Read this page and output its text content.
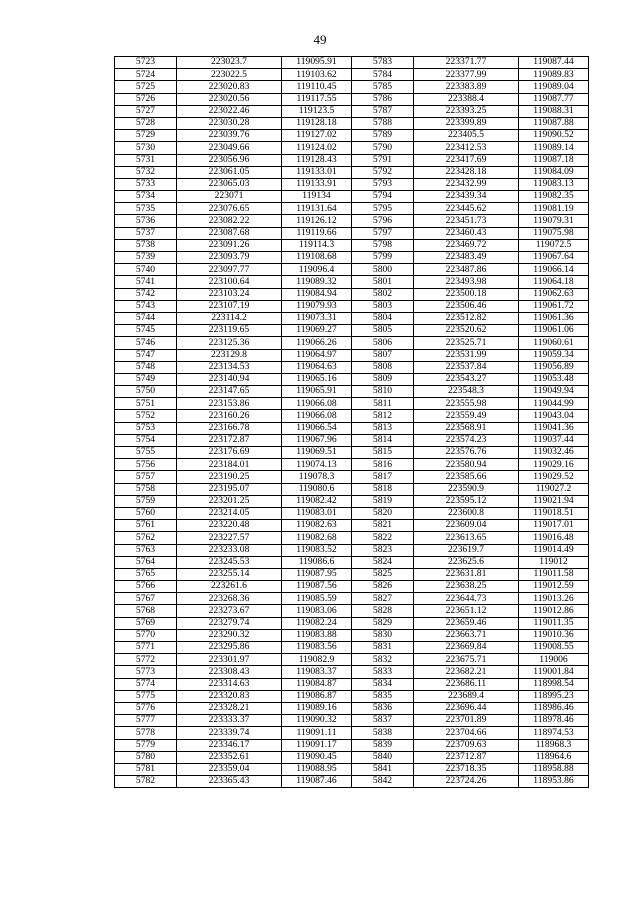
49
5723	223023.7	119095.91	5783	223371.77	119087.44
5724	223022.5	119103.62	5784	223377.99	119089.83
5725	223020.83	119110.45	5785	223383.89	119089.04
5726	223020.56	119117.55	5786	223388.4	119087.77
5727	223022.46	119123.5	5787	223393.25	119088.31
5728	223030.28	119128.18	5788	223399.89	119087.88
5729	223039.76	119127.02	5789	223405.5	119090.52
5730	223049.66	119124.02	5790	223412.53	119089.14
5731	223056.96	119128.43	5791	223417.69	119087.18
5732	223061.05	119133.01	5792	223428.18	119084.09
5733	223065.03	119133.91	5793	223432.99	119083.13
5734	223071	119134	5794	223439.34	119082.35
5735	223076.65	119131.64	5795	223445.62	119081.19
5736	223082.22	119126.12	5796	223451.73	119079.31
5737	223087.68	119119.66	5797	223460.43	119075.98
5738	223091.26	119114.3	5798	223469.72	119072.5
5739	223093.79	119108.68	5799	223483.49	119067.64
5740	223097.77	119096.4	5800	223487.86	119066.14
5741	223100.64	119089.32	5801	223493.98	119064.18
5742	223103.24	119084.94	5802	223500.18	119062.63
5743	223107.19	119079.93	5803	223506.46	119061.72
5744	223114.2	119073.31	5804	223512.82	119061.36
5745	223119.65	119069.27	5805	223520.62	119061.06
5746	223125.36	119066.26	5806	223525.71	119060.61
5747	223129.8	119064.97	5807	223531.99	119059.34
5748	223134.53	119064.63	5808	223537.84	119056.89
5749	223140.94	119065.16	5809	223543.27	119053.48
5750	223147.65	119065.91	5810	223548.3	119049.94
5751	223153.86	119066.08	5811	223555.98	119044.99
5752	223160.26	119066.08	5812	223559.49	119043.04
5753	223166.78	119066.54	5813	223568.91	119041.36
5754	223172.87	119067.96	5814	223574.23	119037.44
5755	223176.69	119069.51	5815	223576.76	119032.46
5756	223184.01	119074.13	5816	223580.94	119029.16
5757	223190.25	119078.3	5817	223585.66	119029.52
5758	223195.07	119080.6	5818	223590.9	119027.2
5759	223201.25	119082.42	5819	223595.12	119021.94
5760	223214.05	119083.01	5820	223600.8	119018.51
5761	223220.48	119082.63	5821	223609.04	119017.01
5762	223227.57	119082.68	5822	223613.65	119016.48
5763	223233.08	119083.52	5823	223619.7	119014.49
5764	223245.53	119086.6	5824	223625.6	119012
5765	223255.14	119087.95	5825	223631.81	119011.58
5766	223261.6	119087.56	5826	223638.25	119012.59
5767	223268.36	119085.59	5827	223644.73	119013.26
5768	223273.67	119083.06	5828	223651.12	119012.86
5769	223279.74	119082.24	5829	223659.46	119011.35
5770	223290.32	119083.88	5830	223663.71	119010.36
5771	223295.86	119083.56	5831	223669.84	119008.55
5772	223301.97	119082.9	5832	223675.71	119006
5773	223308.43	119083.37	5833	223682.21	119001.84
5774	223314.63	119084.87	5834	223686.11	118998.54
5775	223320.83	119086.87	5835	223689.4	118995.23
5776	223328.21	119089.16	5836	223696.44	118986.46
5777	223333.37	119090.32	5837	223701.89	118978.46
5778	223339.74	119091.11	5838	223704.66	118974.53
5779	223346.17	119091.17	5839	223709.63	118968.3
5780	223352.61	119090.45	5840	223712.87	118964.6
5781	223359.04	119088.95	5841	223718.35	118958.88
5782	223365.43	119087.46	5842	223724.26	118953.86
